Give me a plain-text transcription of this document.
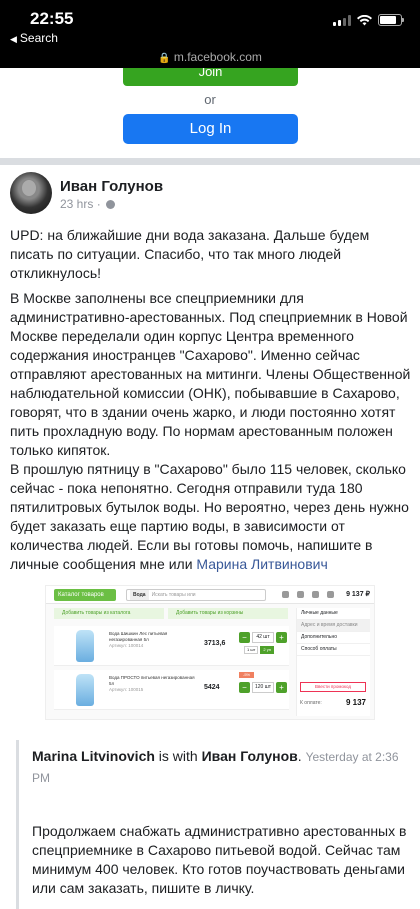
22:55
◀ Search
🔒 m.facebook.com
Join
or
Log In
Иван Голунов
23 hrs ·
UPD: на ближайшие дни вода заказана. Дальше будем писать по ситуации. Спасибо, что так много людей откликнулось!
В Москве заполнены все спецприемники для административно-арестованных. Под спецприемник в Новой Москве переделали один корпус Центра временного содержания иностранцев "Сахарово". Именно сейчас отправляют арестованных на митинги. Члены Общественной наблюдательной комиссии (ОНК), побывавшие в Сахарово, говорят, что в здании очень жарко, и люди постоянно хотят пить прохладную воду. По нормам арестованным положен только кипяток.
В прошлую пятницу в "Сахарово" было 115 человек, сколько сейчас - пока непонятно. Сегодня отправили туда 180 пятилитровых бутылок воды. Но вероятно, через день нужно будет заказать еще партию воды, в зависимости от количества людей. Если вы готовы помочь, напишите в личные сообщения мне или Марина Литвинович
Каталог товаров	Вода Искать товары или	9 137 ₽
Добавить товары из каталога	Добавить товары из корзины
Вода Шишкин Лес питьевая негазированная 5л
Артикул: 100014	3713,6
−	42 шт	+
1 шт	2 уп
Вода ПРОСТО питьевая негазированная 5л
Артикул: 100015	5424
-5%
−	120 шт	+
Личные данные
Адрес и время доставки
Дополнительно
Способ оплаты
Ввести промокод
К оплате:	9 137
Marina Litvinovich is with Иван Голунов. Yesterday at 2:36 PM
Продолжаем снабжать административно арестованных в спецприемнике в Сахарово питьевой водой. Сейчас там минимум 400 человек. Кто готов поучаствовать деньгами или сам заказать, пишите в личку.
